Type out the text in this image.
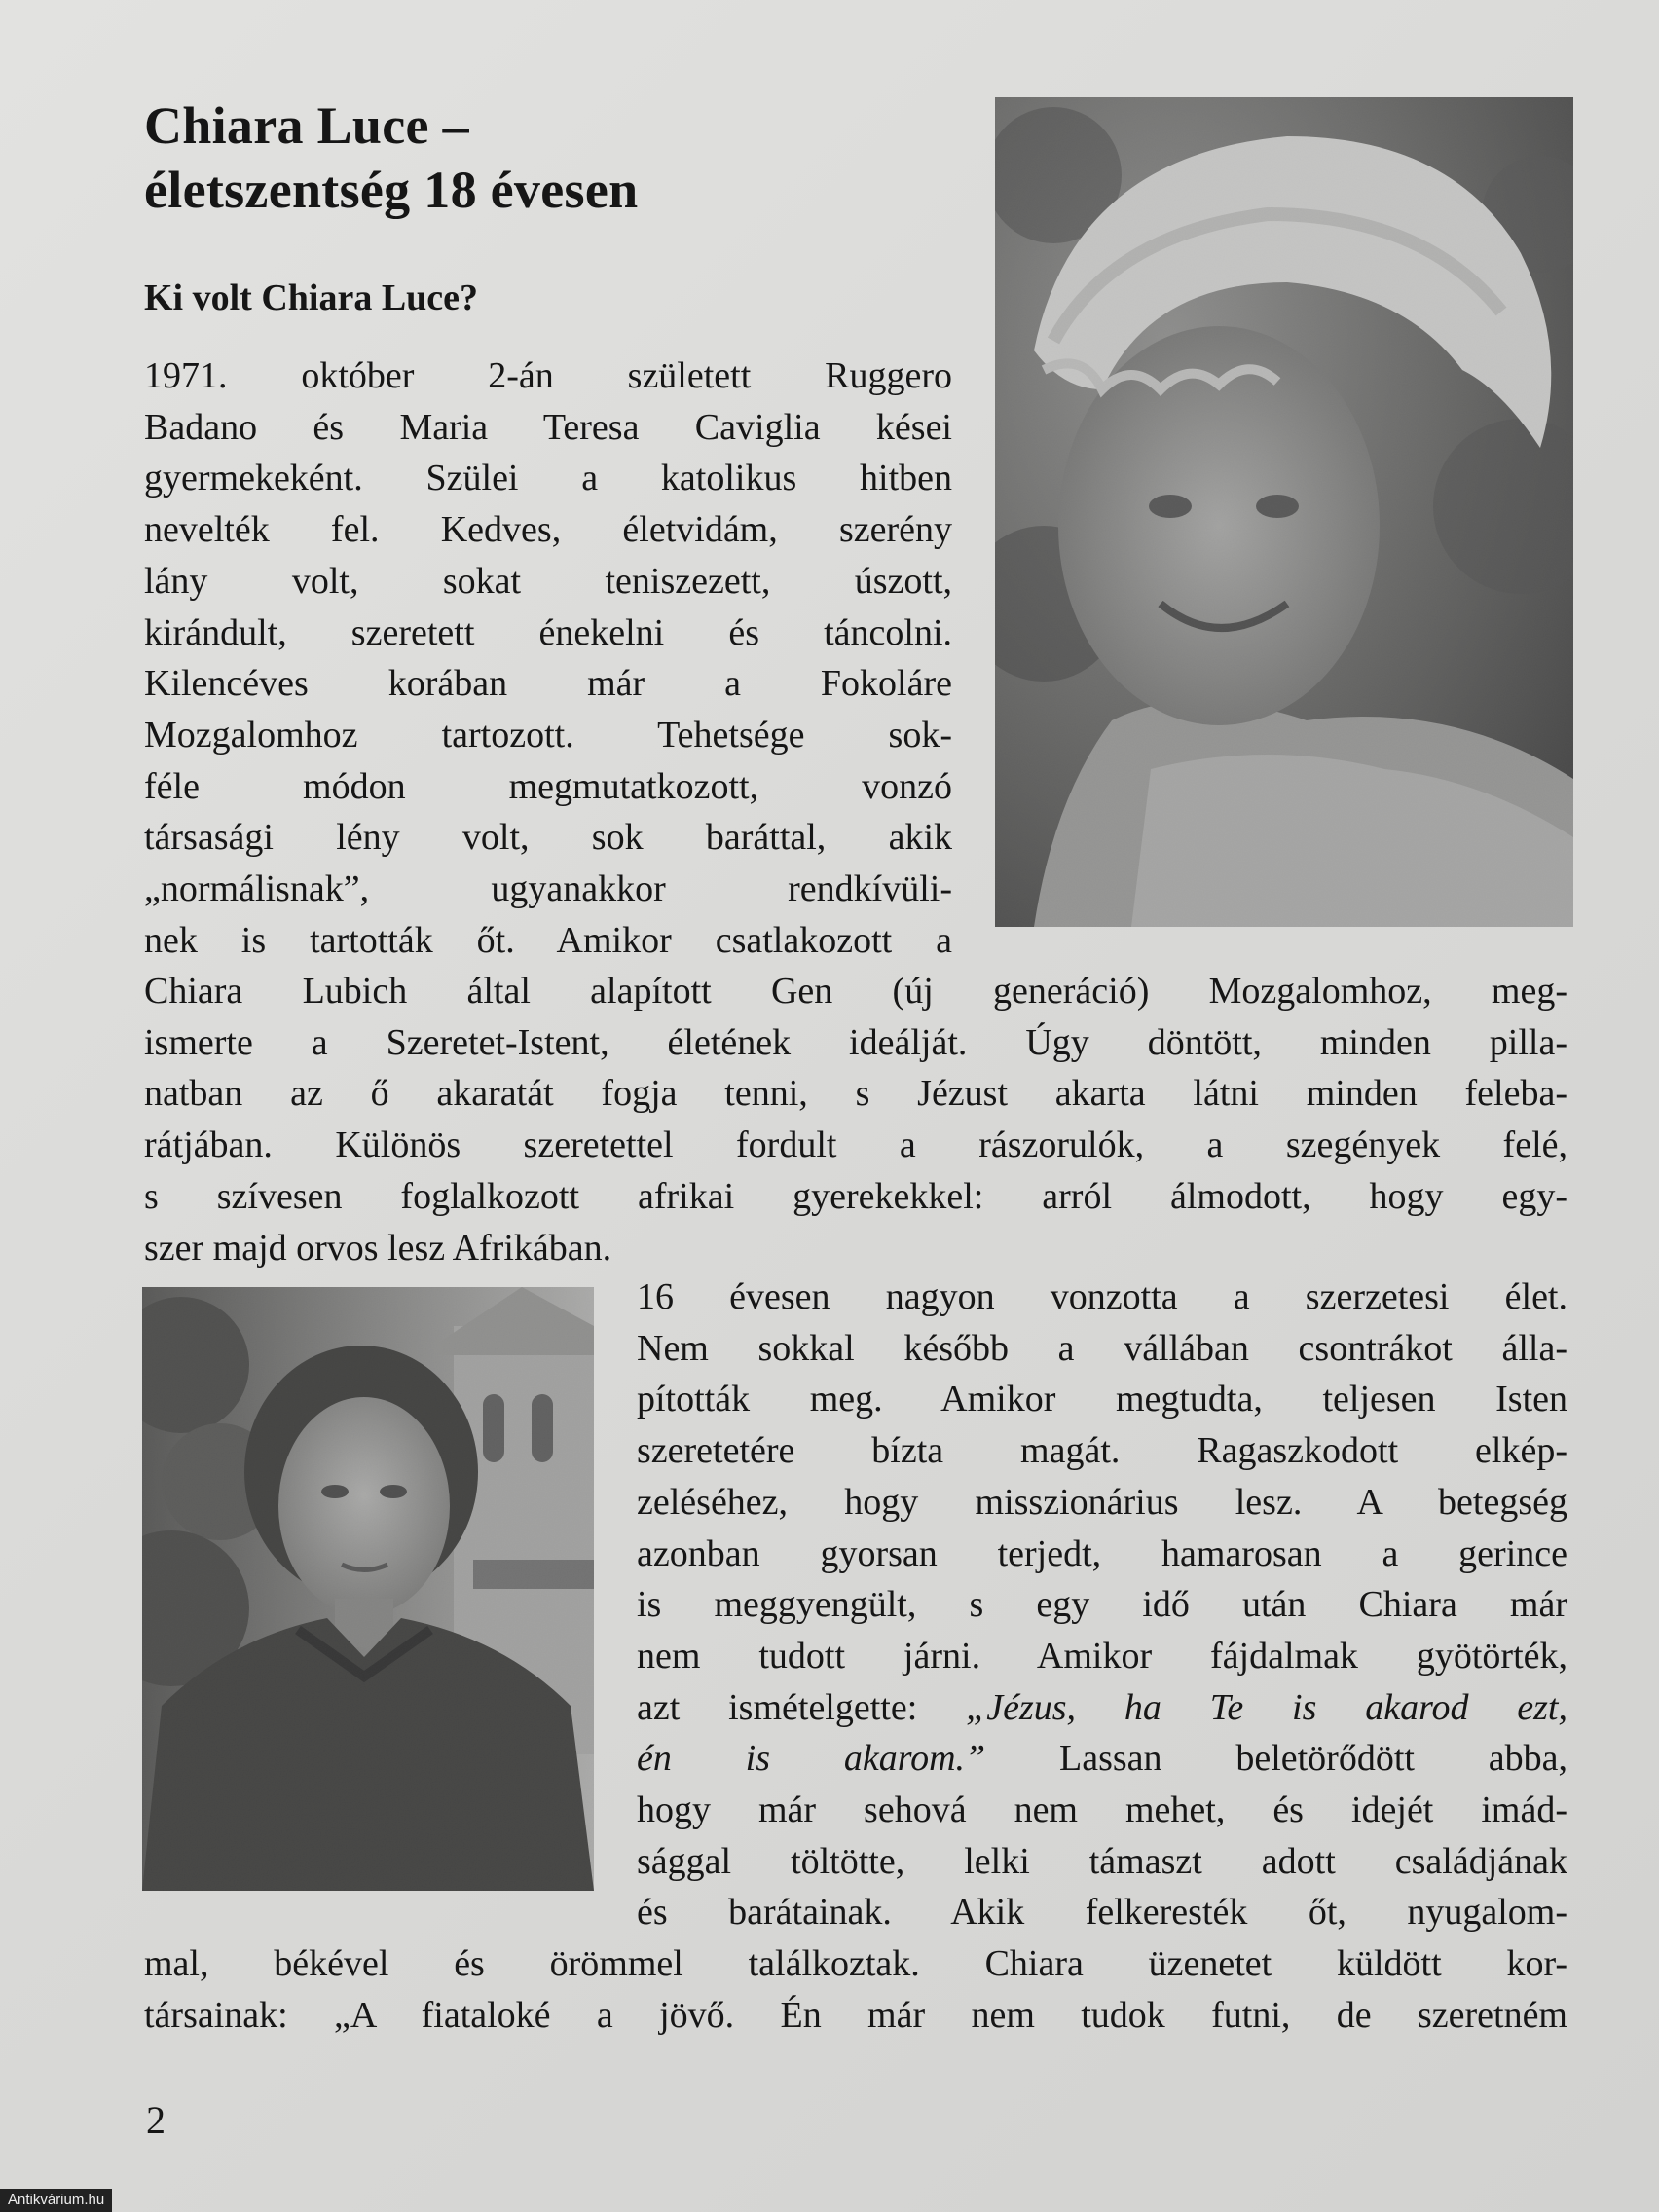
Chiara Luce –
életszentség 18 évesen
Ki volt Chiara Luce?
1971. október 2-án született Ruggero
Badano és Maria Teresa Caviglia kései
gyermekeként. Szülei a katolikus hitben
nevelték fel. Kedves, életvidám, szerény
lány volt, sokat teniszezett, úszott,
kirándult, szeretett énekelni és táncolni.
Kilencéves korában már a Fokoláre
Mozgalomhoz tartozott. Tehetsége sok-
féle módon megmutatkozott, vonzó
társasági lény volt, sok baráttal, akik
„normálisnak”, ugyanakkor rendkívüli-
nek is tartották őt. Amikor csatlakozott a
Chiara Lubich által alapított Gen (új generáció) Mozgalomhoz, meg-
ismerte a Szeretet-Istent, életének ideálját. Úgy döntött, minden pilla-
natban az ő akaratát fogja tenni, s Jézust akarta látni minden feleba-
rátjában. Különös szeretettel fordult a rászorulók, a szegények felé,
s szívesen foglalkozott afrikai gyerekekkel: arról álmodott, hogy egy-
szer majd orvos lesz Afrikában.
16 évesen nagyon vonzotta a szerzetesi élet.
Nem sokkal később a vállában csontrákot álla-
pították meg. Amikor megtudta, teljesen Isten
szeretetére bízta magát. Ragaszkodott elkép-
zeléséhez, hogy misszionárius lesz. A betegség
azonban gyorsan terjedt, hamarosan a gerince
is meggyengült, s egy idő után Chiara már
nem tudott járni. Amikor fájdalmak gyötörték,
azt ismételgette: „Jézus, ha Te is akarod ezt,
én is akarom.” Lassan beletörődött abba,
hogy már sehová nem mehet, és idejét imád-
sággal töltötte, lelki támaszt adott családjának
és barátainak. Akik felkeresték őt, nyugalom-
mal, békével és örömmel találkoztak. Chiara üzenetet küldött kor-
társainak: „A fiataloké a jövő. Én már nem tudok futni, de szeretném
2
Antikvárium.hu
